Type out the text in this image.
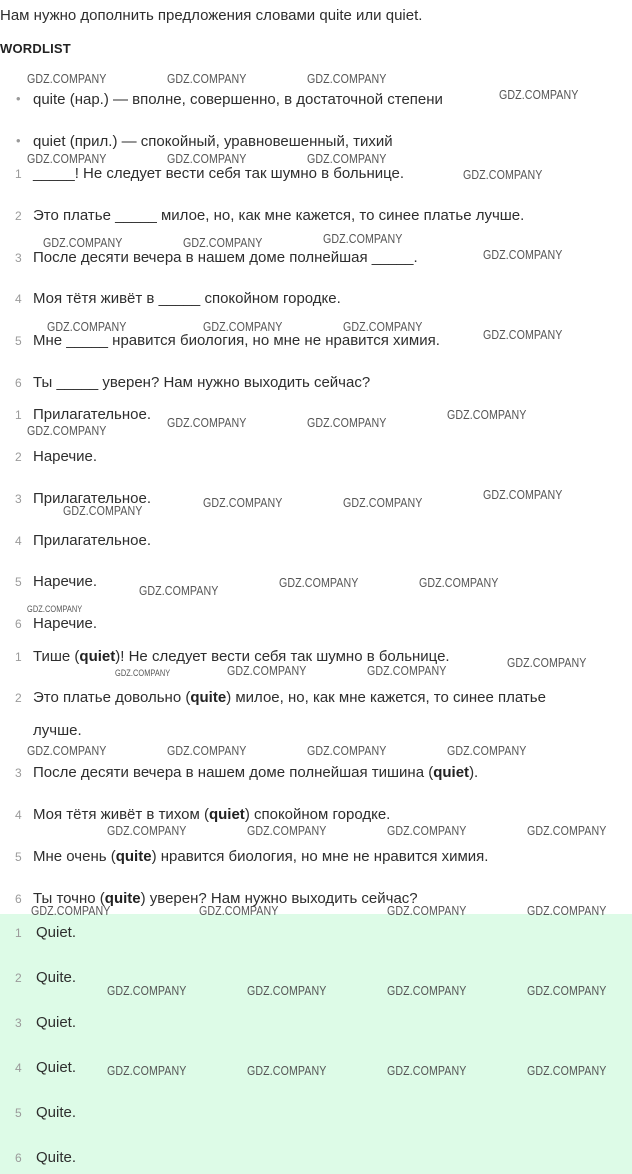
Нам нужно дополнить предложения словами quite или quiet.
WORDLIST
• quite (нар.) — вполне, совершенно, в достаточной степени
• quiet (прил.) — спокойный, уравновешенный, тихий
1 _____! Не следует вести себя так шумно в больнице.
2 Это платье _____ милое, но, как мне кажется, то синее платье лучше.
3 После десяти вечера в нашем доме полнейшая _____.
4 Моя тётя живёт в _____ спокойном городке.
5 Мне _____ нравится биология, но мне не нравится химия.
6 Ты _____ уверен? Нам нужно выходить сейчас?
1 Прилагательное.
2 Наречие.
3 Прилагательное.
4 Прилагательное.
5 Наречие.
6 Наречие.
1 Тише (quiet)! Не следует вести себя так шумно в больнице.
2 Это платье довольно (quite) милое, но, как мне кажется, то синее платье
лучше.
3 После десяти вечера в нашем доме полнейшая тишина (quiet).
4 Моя тётя живёт в тихом (quiet) спокойном городке.
5 Мне очень (quite) нравится биология, но мне не нравится химия.
6 Ты точно (quite) уверен? Нам нужно выходить сейчас?
1 Quiet.
2 Quite.
3 Quiet.
4 Quiet.
5 Quite.
6 Quite.
GDZ.COMPANY	GDZ.COMPANY	GDZ.COMPANY
GDZ.COMPANY
GDZ.COMPANY	GDZ.COMPANY	GDZ.COMPANY
GDZ.COMPANY
GDZ.COMPANY	GDZ.COMPANY	GDZ.COMPANY
GDZ.COMPANY
GDZ.COMPANY	GDZ.COMPANY	GDZ.COMPANY
GDZ.COMPANY
GDZ.COMPANY
GDZ.COMPANY	GDZ.COMPANY
GDZ.COMPANY
GDZ.COMPANY
GDZ.COMPANY	GDZ.COMPANY
GDZ.COMPANY
GDZ.COMPANY
GDZ.COMPANY	GDZ.COMPANY
GDZ.COMPANY
GDZ.COMPANY	GDZ.COMPANY	GDZ.COMPANY
GDZ.COMPANY
GDZ.COMPANY	GDZ.COMPANY	GDZ.COMPANY	GDZ.COMPANY
GDZ.COMPANY	GDZ.COMPANY	GDZ.COMPANY	GDZ.COMPANY
GDZ.COMPANY	GDZ.COMPANY	GDZ.COMPANY	GDZ.COMPANY
GDZ.COMPANY	GDZ.COMPANY	GDZ.COMPANY	GDZ.COMPANY
GDZ.COMPANY	GDZ.COMPANY	GDZ.COMPANY	GDZ.COMPANY
